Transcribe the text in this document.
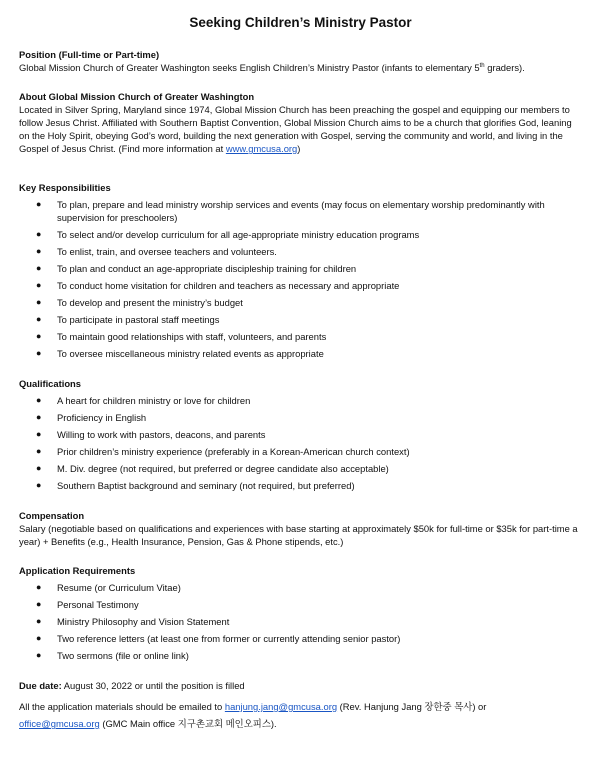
Seeking Children’s Ministry Pastor
Position (Full-time or Part-time)
Global Mission Church of Greater Washington seeks English Children’s Ministry Pastor (infants to elementary 5th graders).
About Global Mission Church of Greater Washington
Located in Silver Spring, Maryland since 1974, Global Mission Church has been preaching the gospel and equipping our members to follow Jesus Christ. Affiliated with Southern Baptist Convention, Global Mission Church aims to be a church that glorifies God, leaning on the Holy Spirit, obeying God’s word, building the next generation with Gospel, serving the community and world, and living in the Gospel of Jesus Christ. (Find more information at www.gmcusa.org)
Key Responsibilities
● To plan, prepare and lead ministry worship services and events (may focus on elementary worship predominantly with supervision for preschoolers)
● To select and/or develop curriculum for all age-appropriate ministry education programs
● To enlist, train, and oversee teachers and volunteers.
● To plan and conduct an age-appropriate discipleship training for children
● To conduct home visitation for children and teachers as necessary and appropriate
● To develop and present the ministry’s budget
● To participate in pastoral staff meetings
● To maintain good relationships with staff, volunteers, and parents
● To oversee miscellaneous ministry related events as appropriate
Qualifications
● A heart for children ministry or love for children
● Proficiency in English
● Willing to work with pastors, deacons, and parents
● Prior children’s ministry experience (preferably in a Korean-American church context)
● M. Div. degree (not required, but preferred or degree candidate also acceptable)
● Southern Baptist background and seminary (not required, but preferred)
Compensation
Salary (negotiable based on qualifications and experiences with base starting at approximately $50k for full-time or $35k for part-time a year) + Benefits (e.g., Health Insurance, Pension, Gas & Phone stipends, etc.)
Application Requirements
● Resume (or Curriculum Vitae)
● Personal Testimony
● Ministry Philosophy and Vision Statement
● Two reference letters (at least one from former or currently attending senior pastor)
● Two sermons (file or online link)
Due date: August 30, 2022 or until the position is filled
All the application materials should be emailed to hanjung.jang@gmcusa.org (Rev. Hanjung Jang 장한중 목사) or
office@gmcusa.org (GMC Main office 지구촌교회 메인오피스).
